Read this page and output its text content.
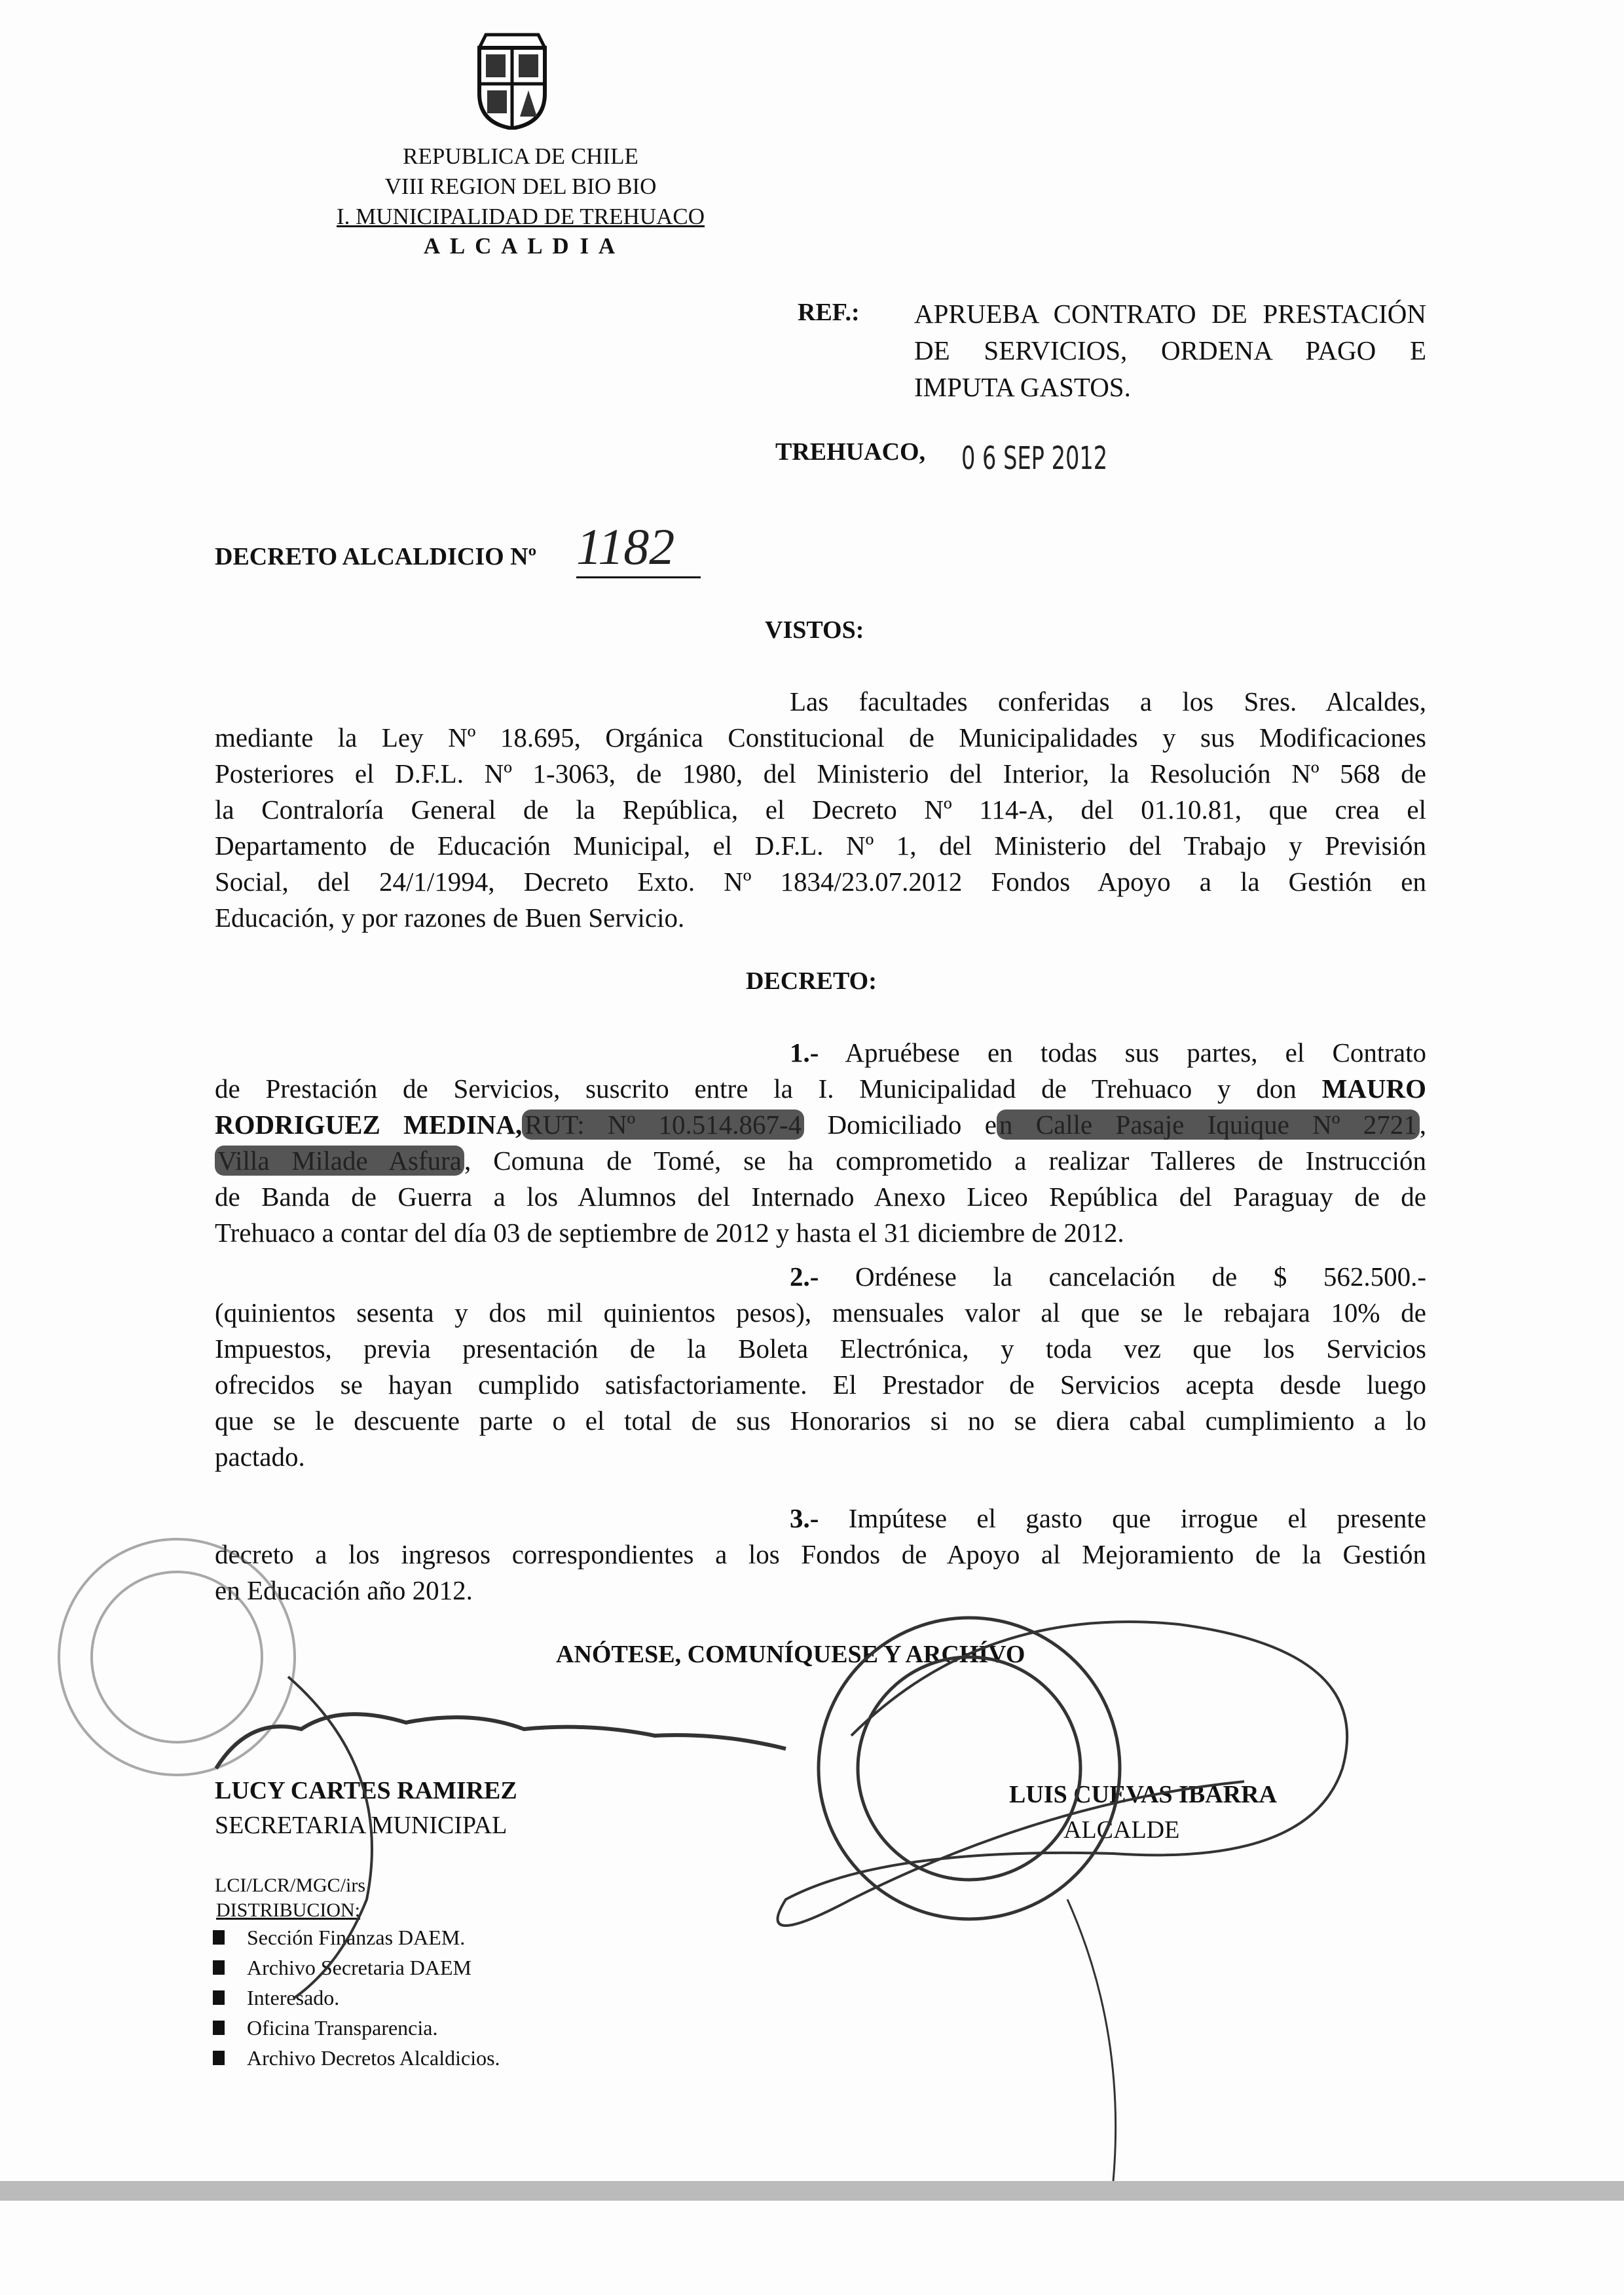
REPUBLICA DE CHILE
VIII REGION DEL BIO BIO
I. MUNICIPALIDAD DE TREHUACO
A L C A L D I A
REF.: APRUEBA CONTRATO DE PRESTACIÓN
DE SERVICIOS, ORDENA PAGO E
IMPUTA GASTOS.
TREHUACO, 0 6 SEP 2012
DECRETO ALCALDICIO Nº 1182
VISTOS:
Las facultades conferidas a los Sres. Alcaldes,
mediante la Ley Nº 18.695, Orgánica Constitucional de Municipalidades y sus Modificaciones
Posteriores el D.F.L. Nº 1-3063, de 1980, del Ministerio del Interior, la Resolución Nº 568 de
la Contraloría General de la República, el Decreto Nº 114-A, del 01.10.81, que crea el
Departamento de Educación Municipal, el D.F.L. Nº 1, del Ministerio del Trabajo y Previsión
Social, del 24/1/1994, Decreto Exto. Nº 1834/23.07.2012 Fondos Apoyo a la Gestión en
Educación, y por razones de Buen Servicio.
DECRETO:
1.- Apruébese en todas sus partes, el Contrato
de Prestación de Servicios, suscrito entre la I. Municipalidad de Trehuaco y don MAURO
RODRIGUEZ MEDINA,RUT: Nº 10.514.867-4 Domiciliado en Calle Pasaje Iquique Nº 2721,
Villa Milade Asfura, Comuna de Tomé, se ha comprometido a realizar Talleres de Instrucción
de Banda de Guerra a los Alumnos del Internado Anexo Liceo República del Paraguay de de
Trehuaco a contar del día 03 de septiembre de 2012 y hasta el 31 diciembre de 2012.
2.- Ordénese la cancelación de $ 562.500.-
(quinientos sesenta y dos mil quinientos pesos), mensuales valor al que se le rebajara 10% de
Impuestos, previa presentación de la Boleta Electrónica, y toda vez que los Servicios
ofrecidos se hayan cumplido satisfactoriamente. El Prestador de Servicios acepta desde luego
que se le descuente parte o el total de sus Honorarios si no se diera cabal cumplimiento a lo
pactado.
3.- Impútese el gasto que irrogue el presente
decreto a los ingresos correspondientes a los Fondos de Apoyo al Mejoramiento de la Gestión
en Educación año 2012.
ANÓTESE, COMUNÍQUESE Y ARCHÍVO
LUCY CARTES RAMIREZ
SECRETARIA MUNICIPAL
LUIS CUEVAS IBARRA
ALCALDE
LCI/LCR/MGC/irs
DISTRIBUCION:
Sección Finanzas DAEM.
Archivo Secretaria DAEM
Interesado.
Oficina Transparencia.
Archivo Decretos Alcaldicios.
